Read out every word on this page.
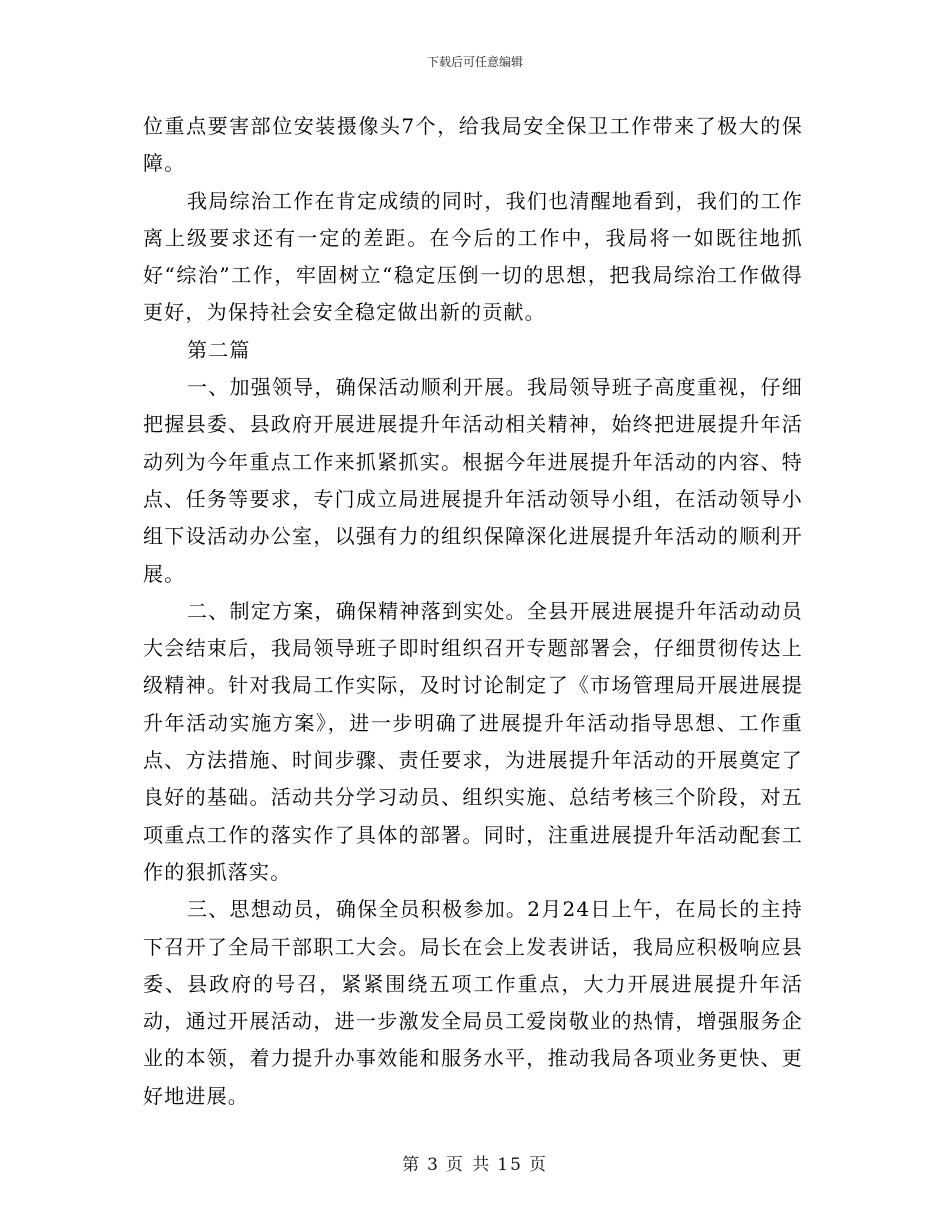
下载后可任意编辑

位重点要害部位安装摄像头7个，给我局安全保卫工作带来了极大的保障。

我局综治工作在肯定成绩的同时，我们也清醒地看到，我们的工作离上级要求还有一定的差距。在今后的工作中，我局将一如既往地抓好“综治”工作，牢固树立“稳定压倒一切的思想，把我局综治工作做得更好，为保持社会安全稳定做出新的贡献。

第二篇

一、加强领导，确保活动顺利开展。我局领导班子高度重视，仔细把握县委、县政府开展进展提升年活动相关精神，始终把进展提升年活动列为今年重点工作来抓紧抓实。根据今年进展提升年活动的内容、特点、任务等要求，专门成立局进展提升年活动领导小组，在活动领导小组下设活动办公室，以强有力的组织保障深化进展提升年活动的顺利开展。

二、制定方案，确保精神落到实处。全县开展进展提升年活动动员大会结束后，我局领导班子即时组织召开专题部署会，仔细贯彻传达上级精神。针对我局工作实际，及时讨论制定了《市场管理局开展进展提升年活动实施方案》，进一步明确了进展提升年活动指导思想、工作重点、方法措施、时间步骤、责任要求，为进展提升年活动的开展奠定了良好的基础。活动共分学习动员、组织实施、总结考核三个阶段，对五项重点工作的落实作了具体的部署。同时，注重进展提升年活动配套工作的狠抓落实。

三、思想动员，确保全员积极参加。2月24日上午，在局长的主持下召开了全局干部职工大会。局长在会上发表讲话，我局应积极响应县委、县政府的号召，紧紧围绕五项工作重点，大力开展进展提升年活动，通过开展活动，进一步激发全局员工爱岗敬业的热情，增强服务企业的本领，着力提升办事效能和服务水平，推动我局各项业务更快、更好地进展。

第 3 页 共 15 页
